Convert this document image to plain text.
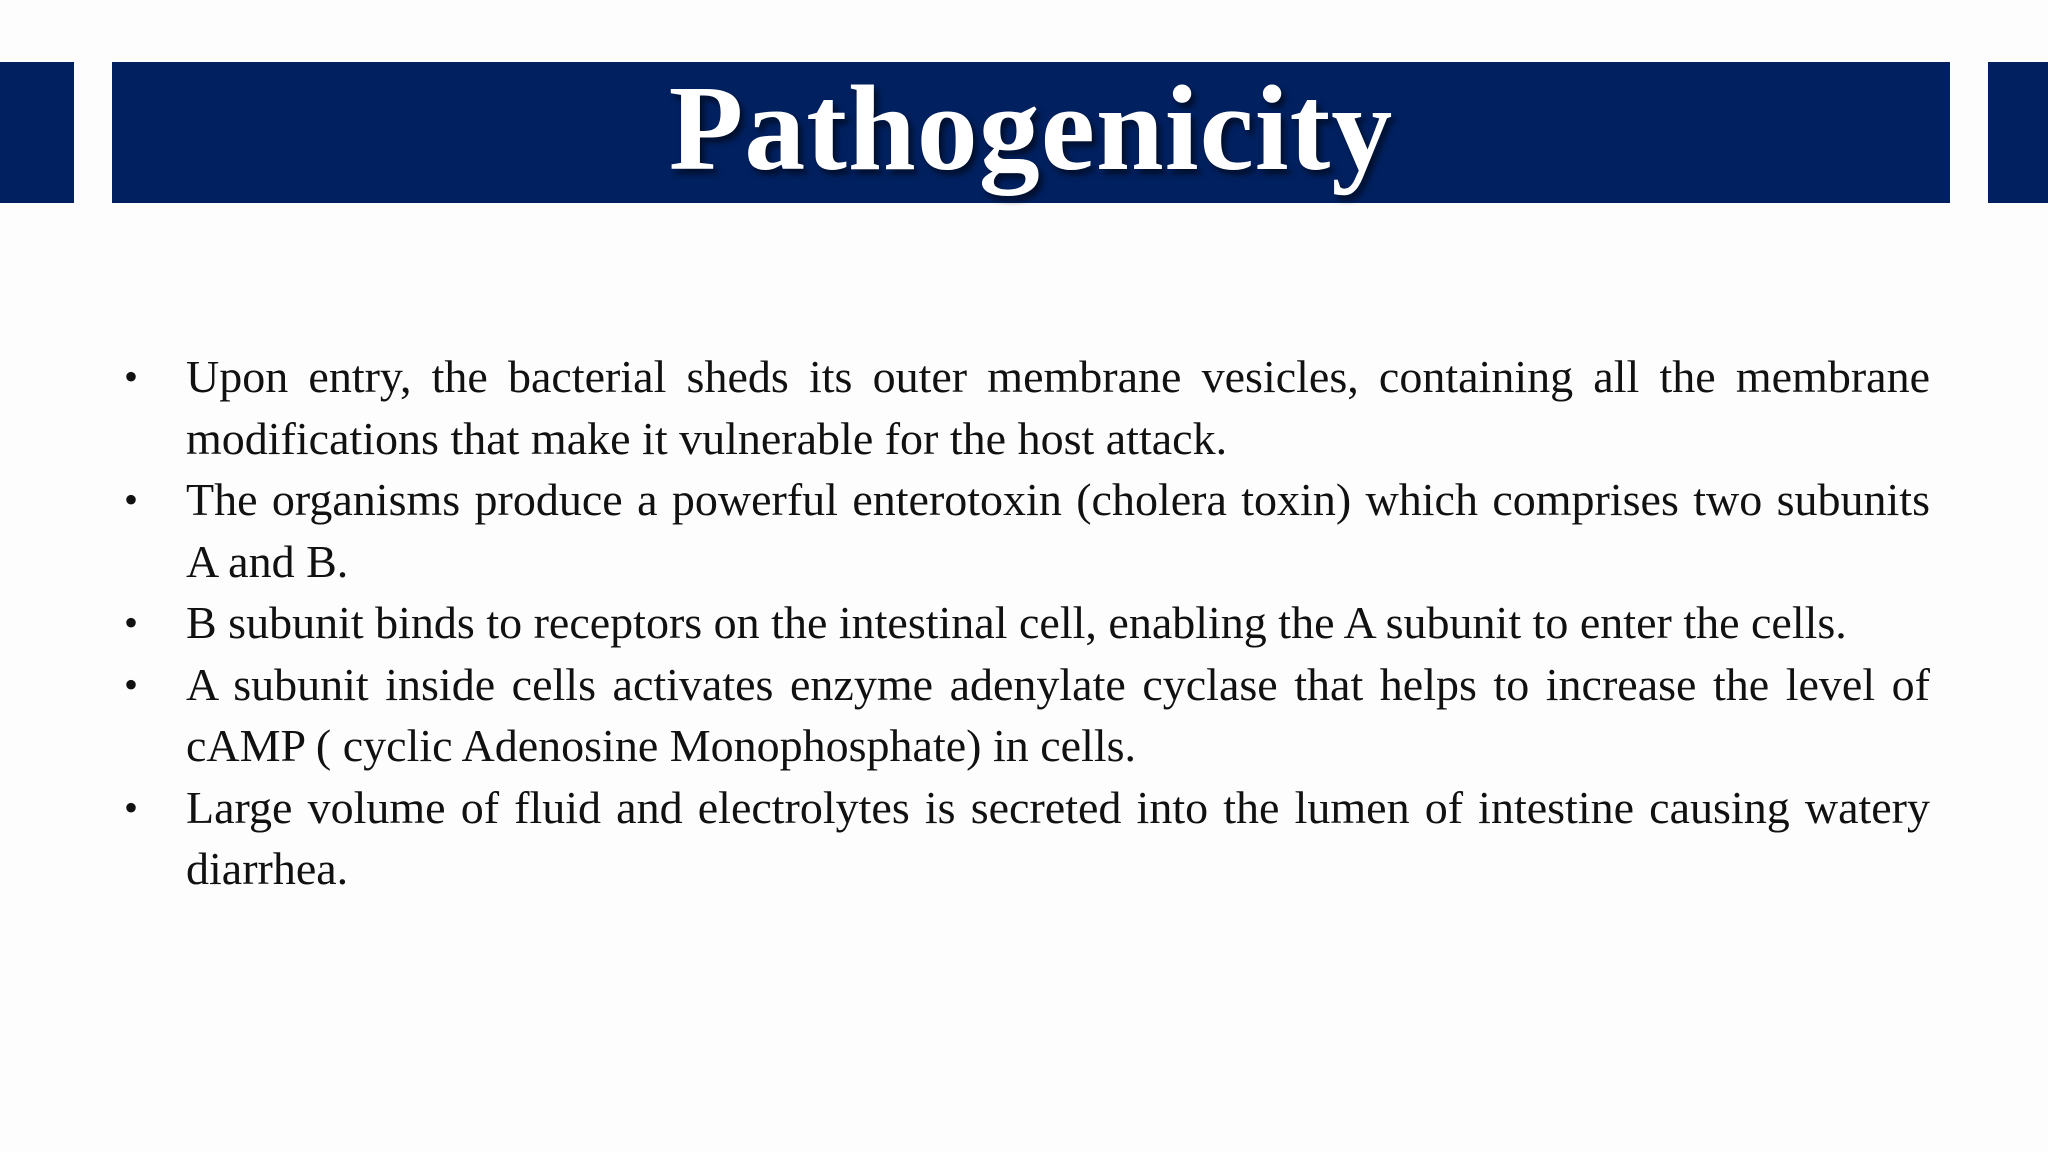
Pathogenicity
• Upon entry, the bacterial sheds its outer membrane vesicles, containing all the membrane modifications that make it vulnerable for the host attack.
• The organisms produce a powerful enterotoxin (cholera toxin) which comprises two subunits A and B.
• B subunit binds to receptors on the intestinal cell, enabling the A subunit to enter the cells.
• A subunit inside cells activates enzyme adenylate cyclase that helps to increase the level of cAMP ( cyclic Adenosine Monophosphate) in cells.
• Large volume of fluid and electrolytes is secreted into the lumen of intestine causing watery diarrhea.
